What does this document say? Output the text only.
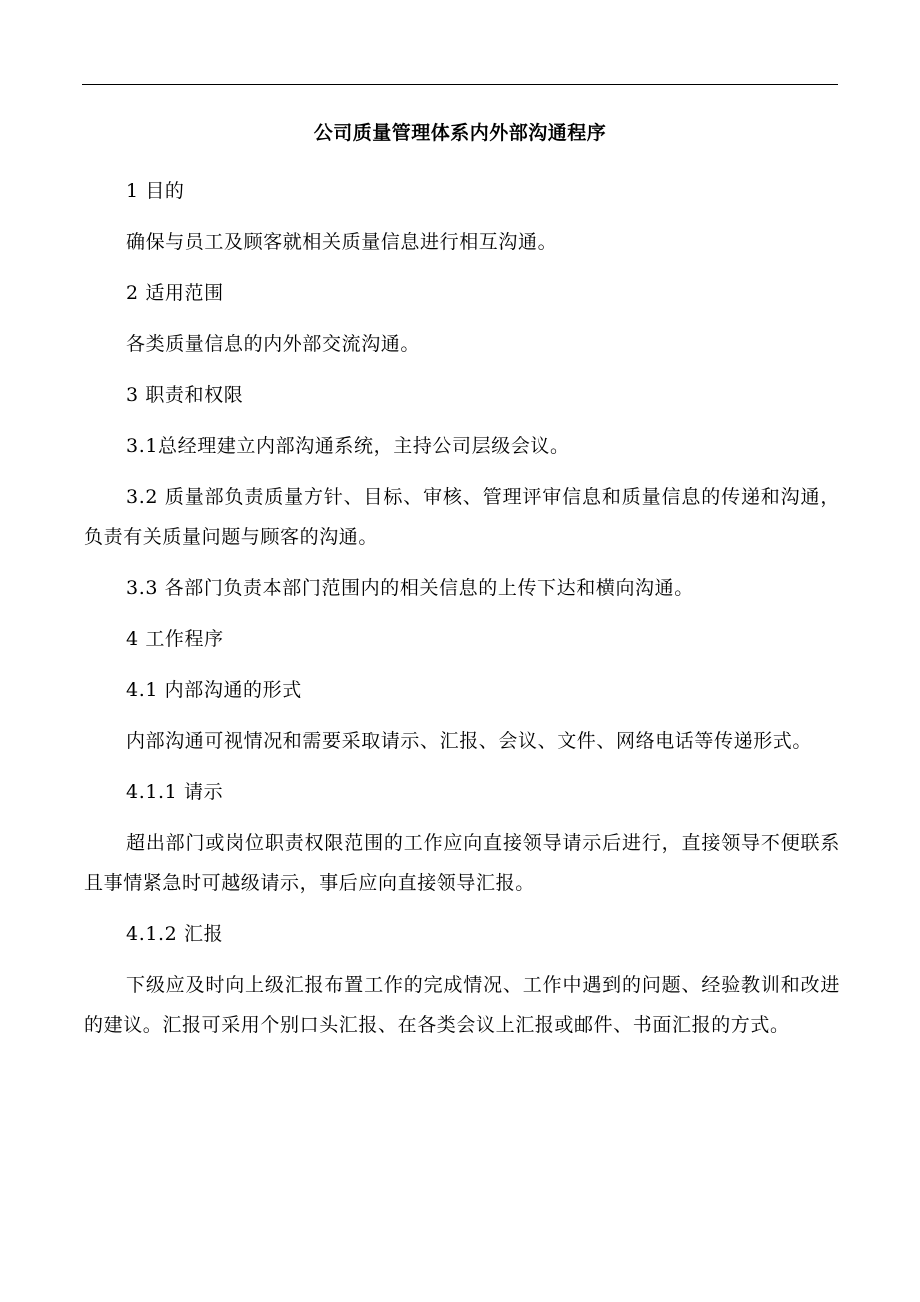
公司质量管理体系内外部沟通程序

1 目的

确保与员工及顾客就相关质量信息进行相互沟通。

2 适用范围

各类质量信息的内外部交流沟通。

3 职责和权限

3.1总经理建立内部沟通系统，主持公司层级会议。

3.2 质量部负责质量方针、目标、审核、管理评审信息和质量信息的传递和沟通，负责有关质量问题与顾客的沟通。

3.3 各部门负责本部门范围内的相关信息的上传下达和横向沟通。

4 工作程序

4.1 内部沟通的形式

内部沟通可视情况和需要采取请示、汇报、会议、文件、网络电话等传递形式。

4.1.1 请示

超出部门或岗位职责权限范围的工作应向直接领导请示后进行，直接领导不便联系且事情紧急时可越级请示，事后应向直接领导汇报。

4.1.2 汇报

下级应及时向上级汇报布置工作的完成情况、工作中遇到的问题、经验教训和改进的建议。汇报可采用个别口头汇报、在各类会议上汇报或邮件、书面汇报的方式。
